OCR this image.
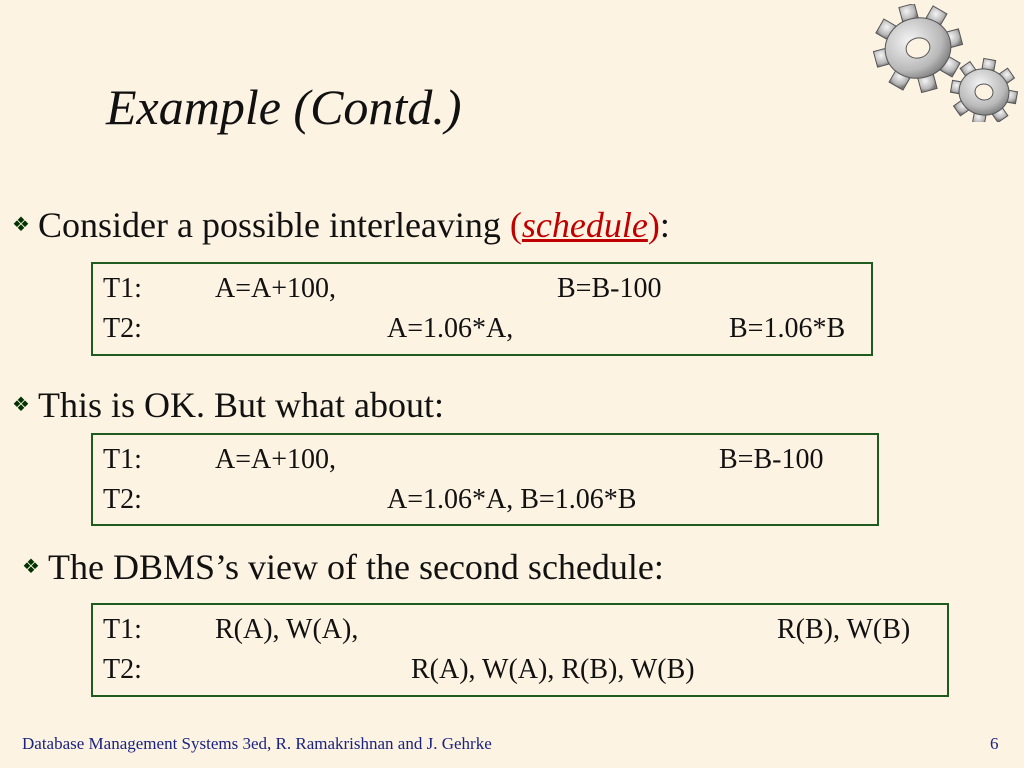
Example (Contd.)
❖ Consider a possible interleaving (schedule):
T1:	A=A+100,	B=B-100
T2:	A=1.06*A,	B=1.06*B
❖ This is OK. But what about:
T1:	A=A+100,	B=B-100
T2:	A=1.06*A, B=1.06*B
❖ The DBMS’s view of the second schedule:
T1:	R(A), W(A),	R(B), W(B)
T2:	R(A), W(A), R(B), W(B)
Database Management Systems 3ed, R. Ramakrishnan and J. Gehrke	6
